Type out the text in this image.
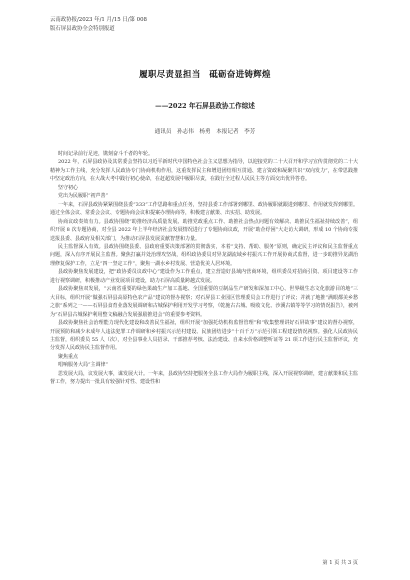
云南政协报/2023 年/1 月/15 日/第 008
版石屏县政协全会特别报道
履职尽责显担当　砥砺奋进铸辉煌
——2022 年石屏县政协工作综述
通讯员　孙志伟　杨勇　本报记者　李芳

时间记录前行足迹，镌刻奋斗千者的年轮。

2022 年，石屏县政协及其常委会坚持以习近平新时代中国特色社会主义思想为指导，以迎接党的二十大召开和学习宣传贯彻党的二十大精神为工作主线，充分发挥人民政协专门协商机构作用，这重发挥民主和增进团结相互贯通、建言资政和凝聚共识“双向发力”，在带思践推中坚定政治方向，在大战大考中践行初心使命，在赶超发展中履职尽责，在践行全过程人民民主等方面交出优异答卷。

坚守初心

党出为民履职“初声善”

一年来，石屏县政协紧紧围绕县委“333”工作思路和重点任务，坚持县委工作部署到哪里、政协履职就跟进到哪里、作用就发挥到哪里。通过全体会议、常委会会议、专题协商会议和提案办理协商等，积极建言献策、出实招、助发展。

协商议政奏效有力。县政协围绕“助推经济高质量发展、助推党政重点工作、助推社会热点问题有效解决、助推民生福祉持续改善”，组织开展 8 次专题协商，对全县 2022 年上半年经济社会发展情况进行了专题协商议政，开展“助企纾困”大走访大调研，形成 10 个协商专报送报县委、县政府及相关部门，为推动石屏县发展贡献智慧和力量。

民主监督深入有效。县政协围绕县委、县政府重要决策部署的贯彻落实，本着“支持、帮助、服务”原则，确定民主评议和民主监督重点问题，深入有序开展民主监督。聚焦打赢并处治理攻坚战，组织政协委员对异龙湖流域乡村振兴工作开展协商式监督，进一步助推异龙湖治理修复保护工作，立足“四一坚定工作”，聚焦一湖水乡村发展、营造优美人居环境。

县政协聚焦发展建设，把“政协委员议政中心”建设作为工作重点，建立营造好县域内营商环境，组织委员对招商引资、项目建设等工作进行视察调研，积极推动产业发展项目建设，助力石屏高质量跨越式发展。

县政协聚焦双发展，“云南省重要的绿色果疏生产加工基地、全国重要的豆制品生产研发和深加工中心、世界级生态文化旅游目的地”三大目标，组织开展“做强石屏县高原特色农产品”建议的督办视察；对石屏县工业园区管理委员会工作进行了评议；并就了地推“满眼都美乡愁之旅”系列之一——石屏县食育业落发展调研和古城保护利用开发学习考察，《乾施古古城、吸收文化、沙溪古镇等等学习的情况报告》，被列为“石屏县古城保护利用整文稿融合发展强励推进会”的重要参考资料。

县政协聚焦社会治理能力现代化建设和改善民生福祉，组织开展“加强托幼机构监督管理”和“收集整理讲好石屏故事”建议的督办视察，开展预防和减少未成年人违法犯罪工作调研和乡村振兴示范村建设、民族团结进步“十百千万”示范引领工程建设情况视察。强化人民政协民主监督，组织委员 55 人（次），对全县事业人员招录、干部推荐考核、法治建设、自来水价格调整听证等 21 项工作进行民主监督评议，充分发挥人民政协民主监督作用。

聚焦重点

唱响服务大局“主调律”

思发展大局，议发展大事，谋发展大计。一年来，县政协坚持把服务全县工作大局作为履职主线，深入开展视察调研，建言献策和民主监督工作，努力提出一批具有较强针对性、建设性和

第 1 页 共 3 页
